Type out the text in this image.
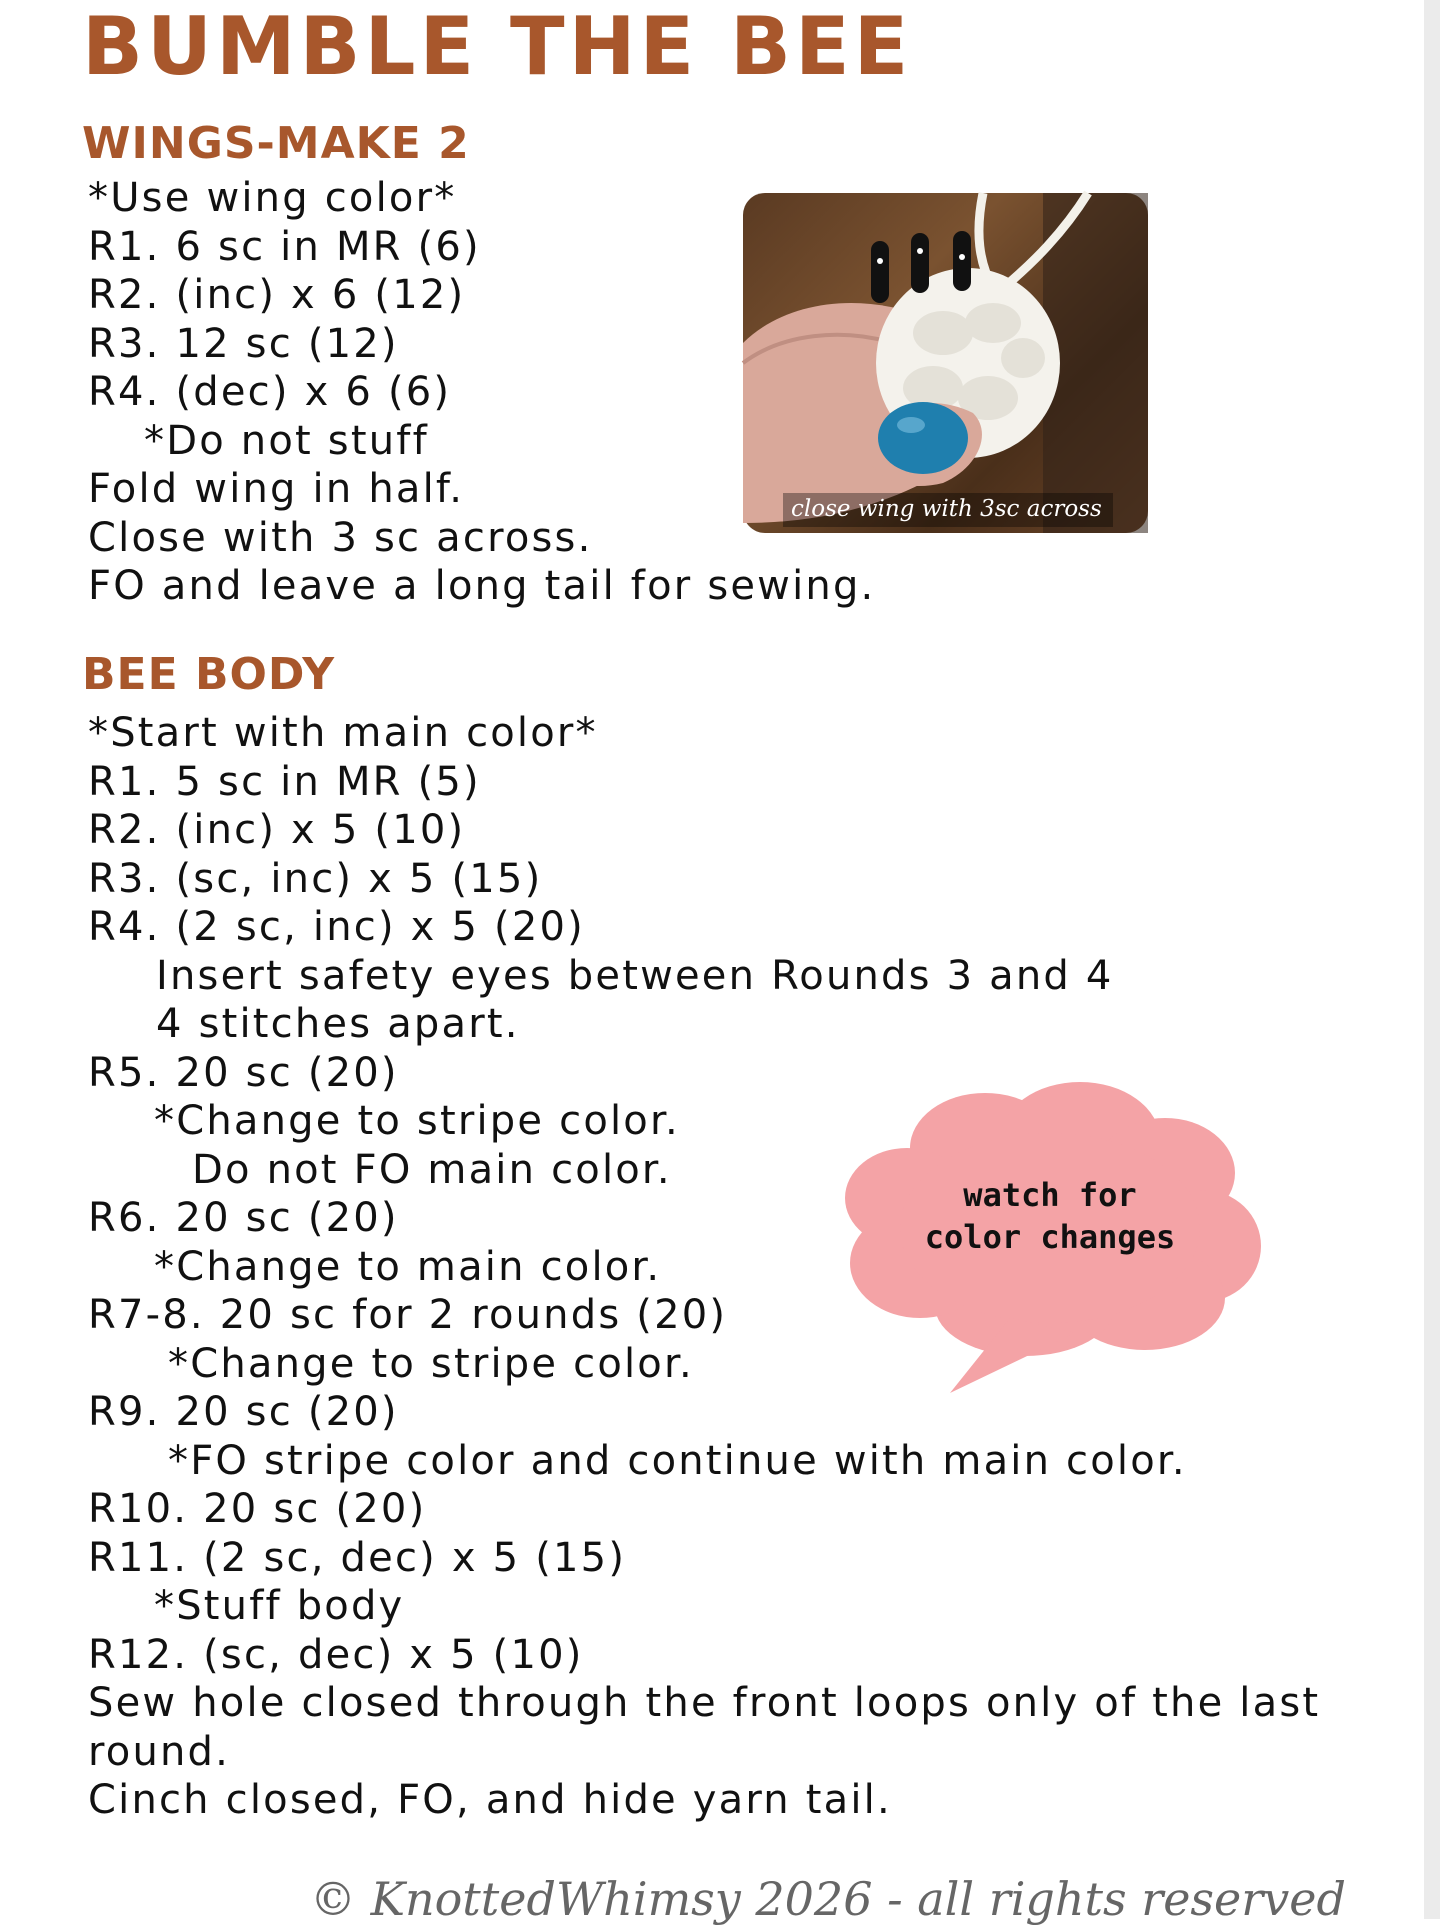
BUMBLE THE BEE
WINGS-MAKE 2
*Use wing color*
R1. 6 sc in MR (6)
R2. (inc) x 6 (12)
R3. 12 sc (12)
R4. (dec) x 6 (6)
*Do not stuff
Fold wing in half.
Close with 3 sc across.
FO and leave a long tail for sewing.
close wing with 3sc across
BEE BODY
*Start with main color*
R1. 5 sc in MR (5)
R2. (inc) x 5 (10)
R3. (sc, inc) x 5 (15)
R4. (2 sc, inc) x 5 (20)
Insert safety eyes between Rounds 3 and 4
4 stitches apart.
R5. 20 sc (20)
*Change to stripe color.
Do not FO main color.
R6. 20 sc (20)
*Change to main color.
R7-8. 20 sc for 2 rounds (20)
*Change to stripe color.
R9. 20 sc (20)
*FO stripe color and continue with main color.
R10. 20 sc (20)
R11. (2 sc, dec) x 5 (15)
*Stuff body
R12. (sc, dec) x 5 (10)
Sew hole closed through the front loops only of the last
round.
Cinch closed, FO, and hide yarn tail.
watch for
color changes
© KnottedWhimsy 2026 - all rights reserved
